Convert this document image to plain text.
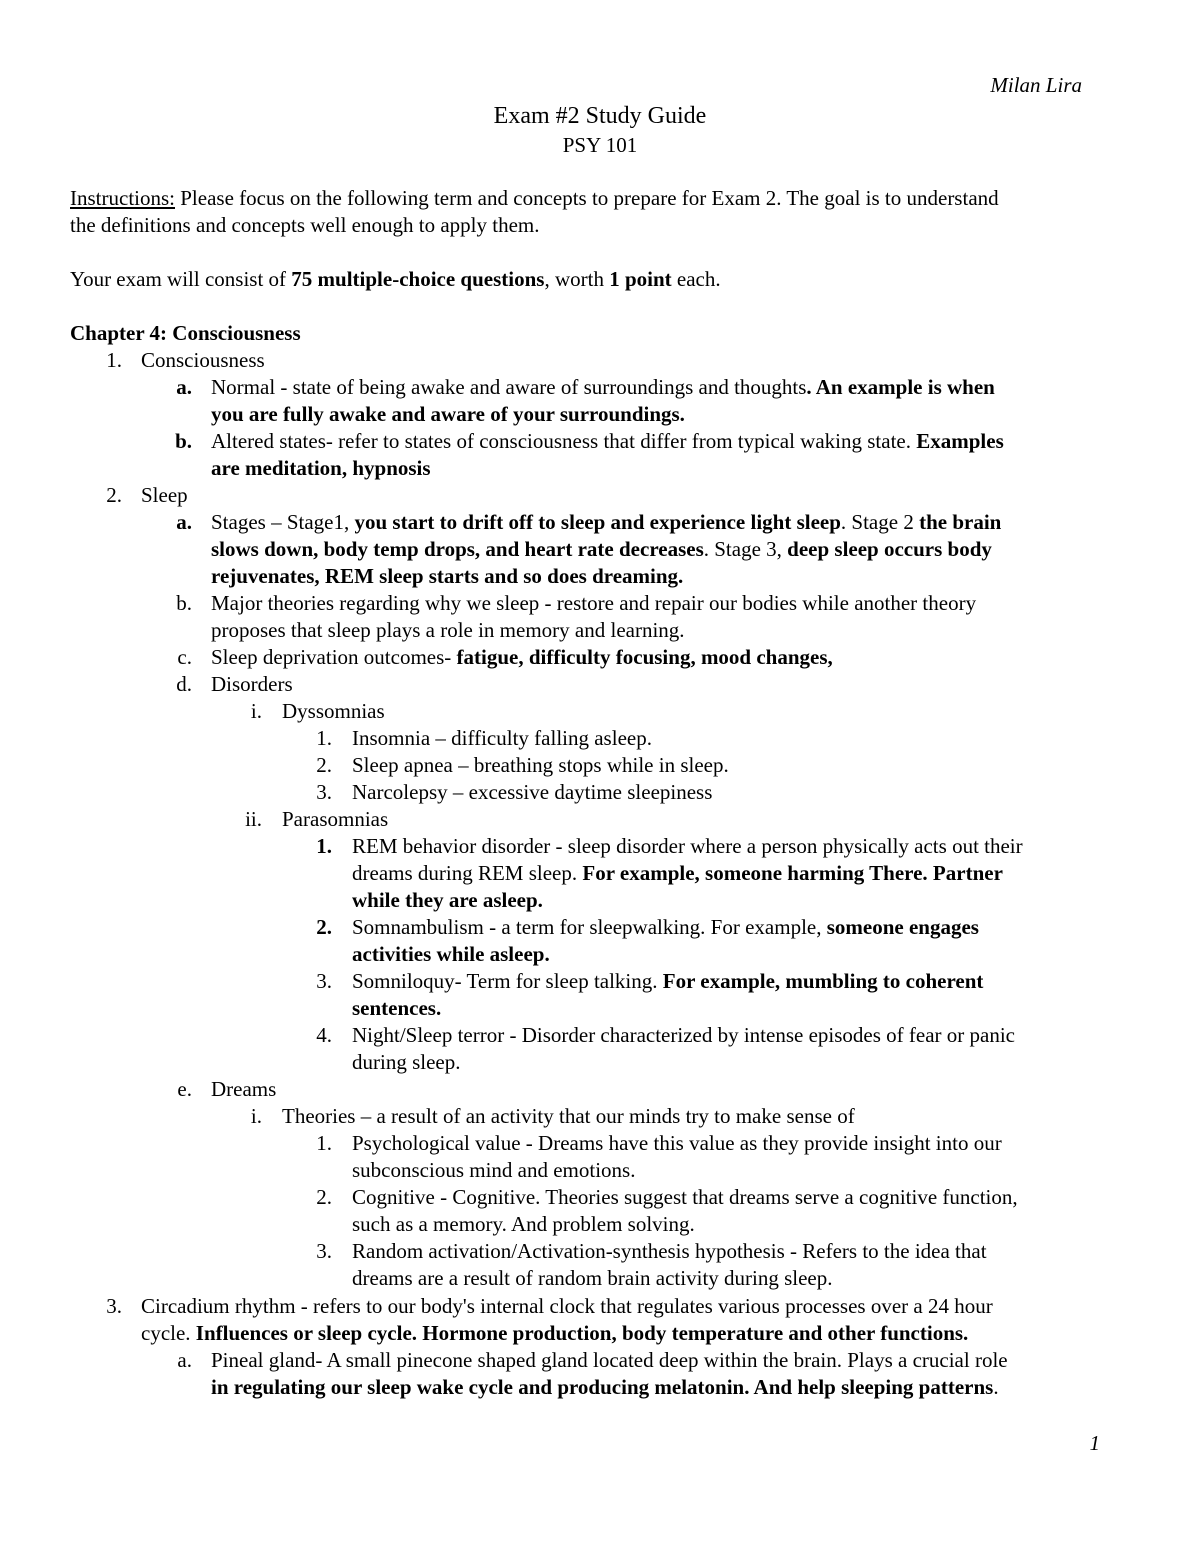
Milan Lira
Exam #2 Study Guide
PSY 101
Instructions: Please focus on the following term and concepts to prepare for Exam 2. The goal is to understand
the definitions and concepts well enough to apply them.
Your exam will consist of 75 multiple-choice questions, worth 1 point each.
Chapter 4: Consciousness
1. Consciousness
a. Normal - state of being awake and aware of surroundings and thoughts. An example is when
you are fully awake and aware of your surroundings.
b. Altered states- refer to states of consciousness that differ from typical waking state. Examples
are meditation, hypnosis
2. Sleep
a. Stages – Stage1, you start to drift off to sleep and experience light sleep. Stage 2 the brain
slows down, body temp drops, and heart rate decreases. Stage 3, deep sleep occurs body
rejuvenates, REM sleep starts and so does dreaming.
b. Major theories regarding why we sleep - restore and repair our bodies while another theory
proposes that sleep plays a role in memory and learning.
c. Sleep deprivation outcomes- fatigue, difficulty focusing, mood changes,
d. Disorders
i. Dyssomnias
1. Insomnia – difficulty falling asleep.
2. Sleep apnea – breathing stops while in sleep.
3. Narcolepsy – excessive daytime sleepiness
ii. Parasomnias
1. REM behavior disorder - sleep disorder where a person physically acts out their
dreams during REM sleep. For example, someone harming There. Partner
while they are asleep.
2. Somnambulism - a term for sleepwalking. For example, someone engages
activities while asleep.
3. Somniloquy- Term for sleep talking. For example, mumbling to coherent
sentences.
4. Night/Sleep terror - Disorder characterized by intense episodes of fear or panic
during sleep.
e. Dreams
i. Theories – a result of an activity that our minds try to make sense of
1. Psychological value - Dreams have this value as they provide insight into our
subconscious mind and emotions.
2. Cognitive - Cognitive. Theories suggest that dreams serve a cognitive function,
such as a memory. And problem solving.
3. Random activation/Activation-synthesis hypothesis - Refers to the idea that
dreams are a result of random brain activity during sleep.
3. Circadium rhythm - refers to our body's internal clock that regulates various processes over a 24 hour
cycle. Influences or sleep cycle. Hormone production, body temperature and other functions.
a. Pineal gland- A small pinecone shaped gland located deep within the brain. Plays a crucial role
in regulating our sleep wake cycle and producing melatonin. And help sleeping patterns.
1
